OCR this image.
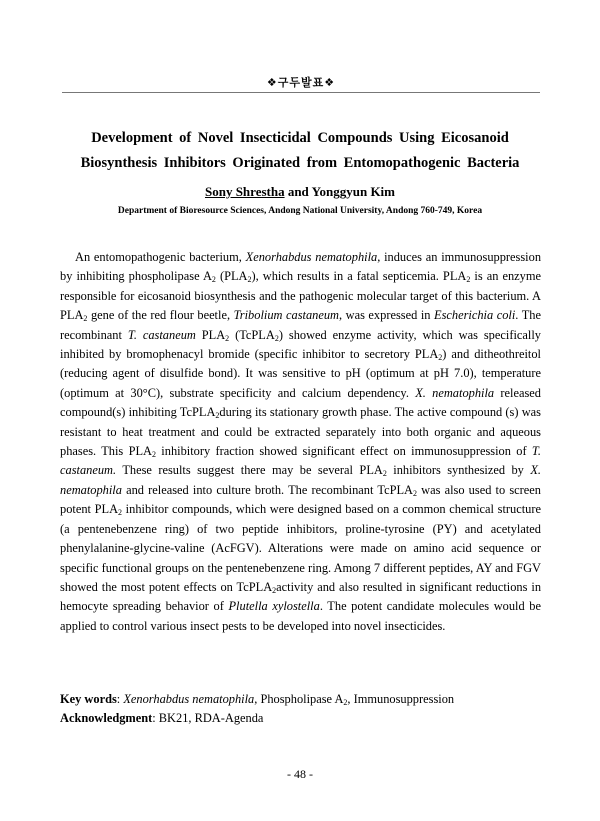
❖구두발표❖
Development of Novel Insecticidal Compounds Using Eicosanoid
Biosynthesis Inhibitors Originated from Entomopathogenic Bacteria
Sony Shrestha and Yonggyun Kim
Department of Bioresource Sciences, Andong National University, Andong 760-749, Korea

An entomopathogenic bacterium, Xenorhabdus nematophila, induces an immunosuppression by inhibiting phospholipase $A_2$ $(PLA_2)$, which results in a fatal septicemia. $PLA_2$ is an enzyme responsible for eicosanoid biosynthesis and the pathogenic molecular target of this bacterium. A $PLA_2$ gene of the red flour beetle, Tribolium castaneum, was expressed in Escherichia coli. The recombinant T. castaneum $PLA_2$ (TcPLA$_2$) showed enzyme activity, which was specifically inhibited by bromophenacyl bromide (specific inhibitor to secretory $PLA_2$) and ditheothreitol (reducing agent of disulfide bond). It was sensitive to pH (optimum at pH 7.0), temperature (optimum at 30°C), substrate specificity and calcium dependency. X. nematophila released compound(s) inhibiting TcPLA$_2$during its stationary growth phase. The active compound (s) was resistant to heat treatment and could be extracted separately into both organic and aqueous phases. This $PLA_2$ inhibitory fraction showed significant effect on immunosuppression of T. castaneum. These results suggest there may be several $PLA_2$ inhibitors synthesized by X. nematophila and released into culture broth. The recombinant TcPLA$_2$ was also used to screen potent $PLA_2$ inhibitor compounds, which were designed based on a common chemical structure (a pentenebenzene ring) of two peptide inhibitors, proline-tyrosine (PY) and acetylated phenylalanine-glycine-valine (AcFGV). Alterations were made on amino acid sequence or specific functional groups on the pentenebenzene ring. Among 7 different peptides, AY and FGV showed the most potent effects on TcPLA$_2$activity and also resulted in significant reductions in hemocyte spreading behavior of Plutella xylostella. The potent candidate molecules would be applied to control various insect pests to be developed into novel insecticides.

Key words: Xenorhabdus nematophila, Phospholipase $A_2$, Immunosuppression
Acknowledgment: BK21, RDA-Agenda
- 48 -
